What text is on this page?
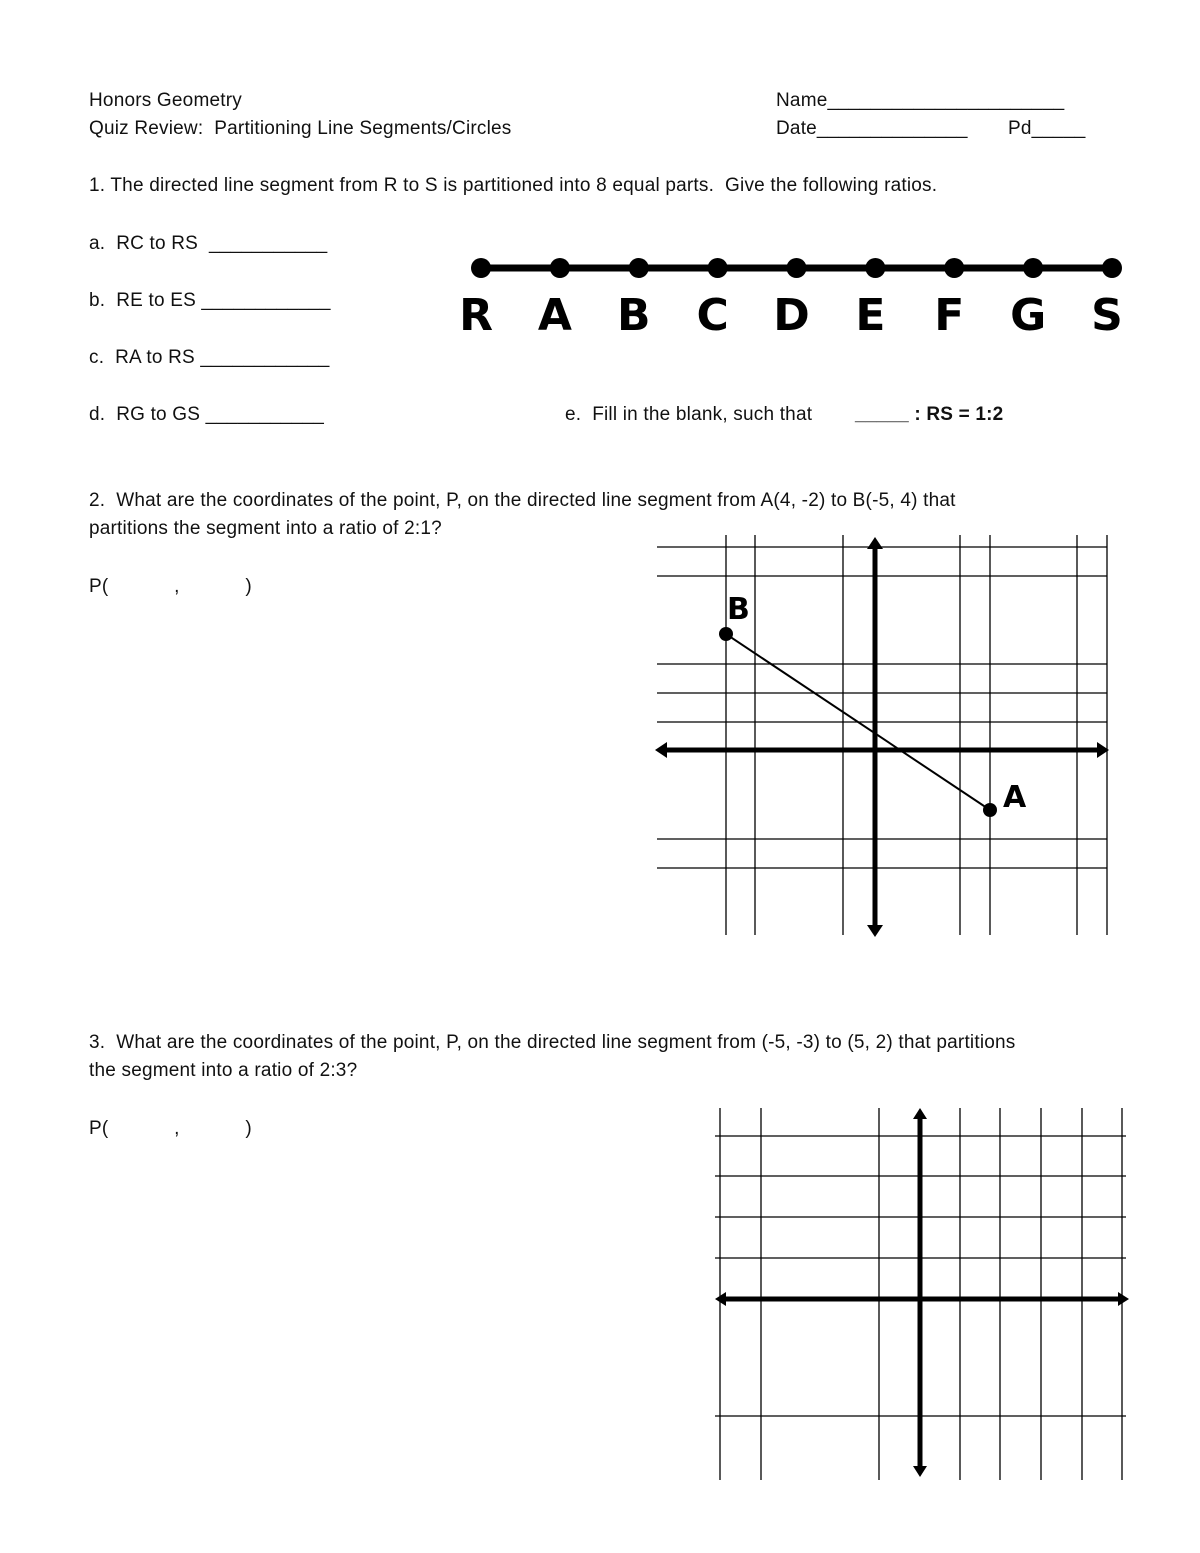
Honors Geometry
Quiz Review:  Partitioning Line Segments/Circles
Name______________________
Date______________ Pd_____
1. The directed line segment from R to S is partitioned into 8 equal parts.  Give the following ratios.
a.  RC to RS  ___________
b.  RE to ES ____________
c.  RA to RS ____________
d.  RG to GS ___________	e.  Fill in the blank, such that _____ : RS = 1:2
R A B C D E F G S
2.  What are the coordinates of the point, P, on the directed line segment from A(4, -2) to B(-5, 4) that
partitions the segment into a ratio of 2:1?
P(            ,            )
B
A
3.  What are the coordinates of the point, P, on the directed line segment from (-5, -3) to (5, 2) that partitions
the segment into a ratio of 2:3?
P(            ,            )
